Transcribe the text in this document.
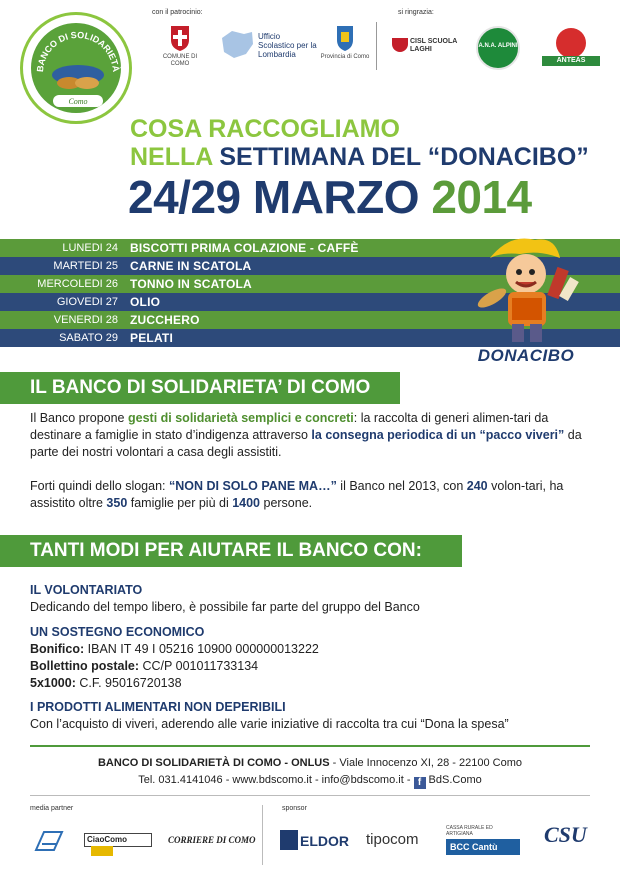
BANCO DI SOLIDARIETÀ
Como
con il patrocinio:	si ringrazia:
COMUNE DI COMO
Ufficio Scolastico per la Lombardia	Provincia di Como
CISL SCUOLA LAGHI	A.N.A. ALPINI
ANTEAS
COSA RACCOGLIAMO
NELLA SETTIMANA DEL “DONACIBO”
24/29 MARZO 2014
LUNEDI 24 BISCOTTI PRIMA COLAZIONE - CAFFÈ
MARTEDI 25 CARNE IN SCATOLA
MERCOLEDI 26 TONNO IN SCATOLA
GIOVEDI 27 OLIO
VENERDI 28 ZUCCHERO
SABATO 29 PELATI
DONACIBO
IL BANCO DI SOLIDARIETA’ DI COMO
Il Banco propone gesti di solidarietà semplici e concreti: la raccolta di generi alimen-tari da destinare a famiglie in stato d’indigenza attraverso la consegna periodica di un “pacco viveri” da parte dei nostri volontari a casa degli assistiti.
Forti quindi dello slogan: “NON DI SOLO PANE MA…” il Banco nel 2013, con 240 volon-tari, ha assistito oltre 350 famiglie per più di 1400 persone.
TANTI MODI PER AIUTARE IL BANCO CON:
IL VOLONTARIATO
Dedicando del tempo libero, è possibile far parte del gruppo del Banco
UN SOSTEGNO ECONOMICO
Bonifico: IBAN IT 49 I 05216 10900 000000013222
Bollettino postale: CC/P 001011733134
5x1000: C.F. 95016720138
I PRODOTTI ALIMENTARI NON DEPERIBILI
Con l’acquisto di viveri, aderendo alle varie iniziative di raccolta tra cui “Dona la spesa”
BANCO DI SOLIDARIETÀ DI COMO - ONLUS - Viale Innocenzo XI, 28 - 22100 Como
Tel. 031.4141046 - www.bdscomo.it - info@bdscomo.it - f BdS.Como
media partner	sponsor
CiaoComo	CORRIERE DI COMO	ELDOR tipocom
CASSA RURALE ED ARTIGIANA
BCC Cantù	CSU
